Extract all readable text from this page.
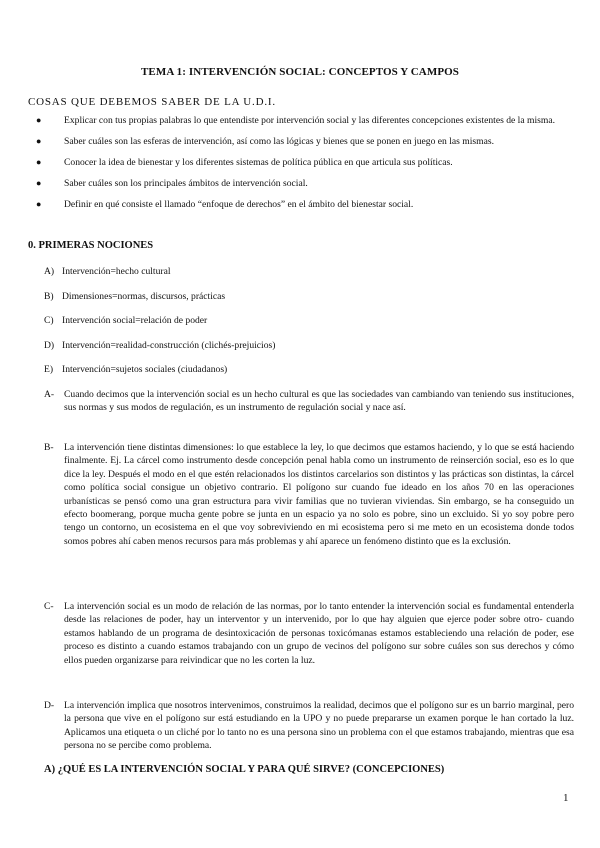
TEMA 1: INTERVENCIÓN SOCIAL: CONCEPTOS Y CAMPOS
COSAS QUE DEBEMOS SABER DE LA U.D.I.
● Explicar con tus propias palabras lo que entendiste por intervención social y las diferentes concepciones existentes de la misma.
● Saber cuáles son las esferas de intervención, así como las lógicas y bienes que se ponen en juego en las mismas.
● Conocer la idea de bienestar y los diferentes sistemas de política pública en que articula sus políticas.
● Saber cuáles son los principales ámbitos de intervención social.
● Definir en qué consiste el llamado “enfoque de derechos” en el ámbito del bienestar social.
0. PRIMERAS NOCIONES
A) Intervención=hecho cultural
B) Dimensiones=normas, discursos, prácticas
C) Intervención social=relación de poder
D) Intervención=realidad-construcción (clichés-prejuicios)
E) Intervención=sujetos sociales (ciudadanos)
A- Cuando decimos que la intervención social es un hecho cultural es que las sociedades van cambiando van teniendo sus instituciones, sus normas y sus modos de regulación, es un instrumento de regulación social y nace así.
B- La intervención tiene distintas dimensiones: lo que establece la ley, lo que decimos que estamos haciendo, y lo que se está haciendo finalmente. Ej. La cárcel como instrumento desde concepción penal habla como un instrumento de reinserción social, eso es lo que dice la ley. Después el modo en el que estén relacionados los distintos carcelarios son distintos y las prácticas son distintas, la cárcel como política social consigue un objetivo contrario. El polígono sur cuando fue ideado en los años 70 en las operaciones urbanísticas se pensó como una gran estructura para vivir familias que no tuvieran viviendas. Sin embargo, se ha conseguido un efecto boomerang, porque mucha gente pobre se junta en un espacio ya no solo es pobre, sino un excluido. Si yo soy pobre pero tengo un contorno, un ecosistema en el que voy sobreviviendo en mi ecosistema pero si me meto en un ecosistema donde todos somos pobres ahí caben menos recursos para más problemas y ahí aparece un fenómeno distinto que es la exclusión.
C- La intervención social es un modo de relación de las normas, por lo tanto entender la intervención social es fundamental entenderla desde las relaciones de poder, hay un interventor y un intervenido, por lo que hay alguien que ejerce poder sobre otro- cuando estamos hablando de un programa de desintoxicación de personas toxicómanas estamos estableciendo una relación de poder, ese proceso es distinto a cuando estamos trabajando con un grupo de vecinos del polígono sur sobre cuáles son sus derechos y cómo ellos pueden organizarse para reivindicar que no les corten la luz.
D- La intervención implica que nosotros intervenimos, construimos la realidad, decimos que el polígono sur es un barrio marginal, pero la persona que vive en el polígono sur está estudiando en la UPO y no puede prepararse un examen porque le han cortado la luz. Aplicamos una etiqueta o un cliché por lo tanto no es una persona sino un problema con el que estamos trabajando, mientras que esa persona no se percibe como problema.
A) ¿QUÉ ES LA INTERVENCIÓN SOCIAL Y PARA QUÉ SIRVE? (CONCEPCIONES)
1
